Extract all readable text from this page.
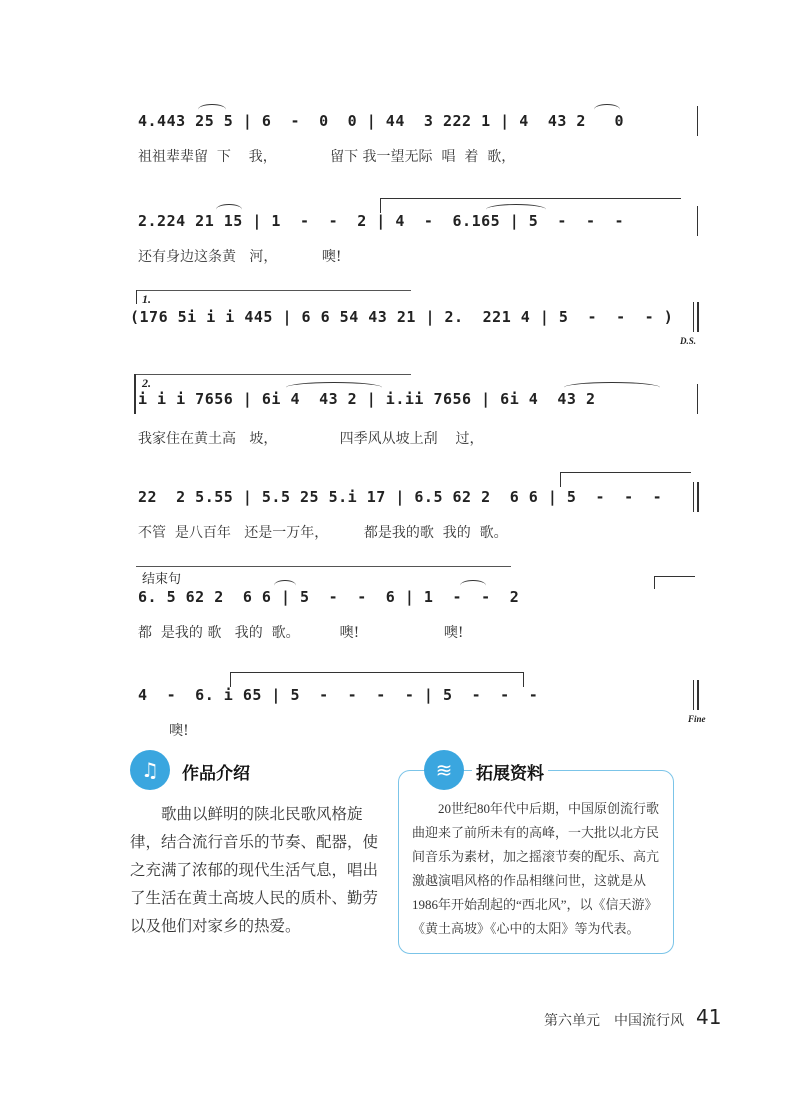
4.443 25 5 | 6  -  0  0 | 44  3 222 1 | 4  43 2   0
祖祖辈辈留  下    我，            留下 我一望无际  唱  着  歌，
2.224 21 15 | 1  -  -  2 | 4  -  6.165 | 5  -  -  -
还有身边这条黄   河，          噢!
1.
(176 5i i i 445 | 6 6 54 43 21 | 2.  221 4 | 5  -  -  - )
D.S.
2.
i i i 7656 | 6i 4  43 2 | i.ii 7656 | 6i 4  43 2
我家住在黄土高   坡，              四季风从坡上刮    过，
22  2 5.55 | 5.5 25 5.i 17 | 6.5 62 2  6 6 | 5  -  -  -
不管  是八百年   还是一万年，        都是我的歌  我的  歌。
结束句
6. 5 62 2  6 6 | 5  -  -  6 | 1  -  -  2
都  是我的 歌   我的  歌。         噢!                   噢!
4  -  6. i 65 | 5  -  -  -  - | 5  -  -  -
噢!
Fine
♫	作品介绍
歌曲以鲜明的陕北民歌风格旋律，结合流行音乐的节奏、配器，使之充满了浓郁的现代生活气息，唱出了生活在黄土高坡人民的质朴、勤劳以及他们对家乡的热爱。
≋	拓展资料
20世纪80年代中后期，中国原创流行歌曲迎来了前所未有的高峰，一大批以北方民间音乐为素材，加之摇滚节奏的配乐、高亢激越演唱风格的作品相继问世，这就是从1986年开始刮起的“西北风”，以《信天游》《黄土高坡》《心中的太阳》等为代表。
第六单元 中国流行风 41
